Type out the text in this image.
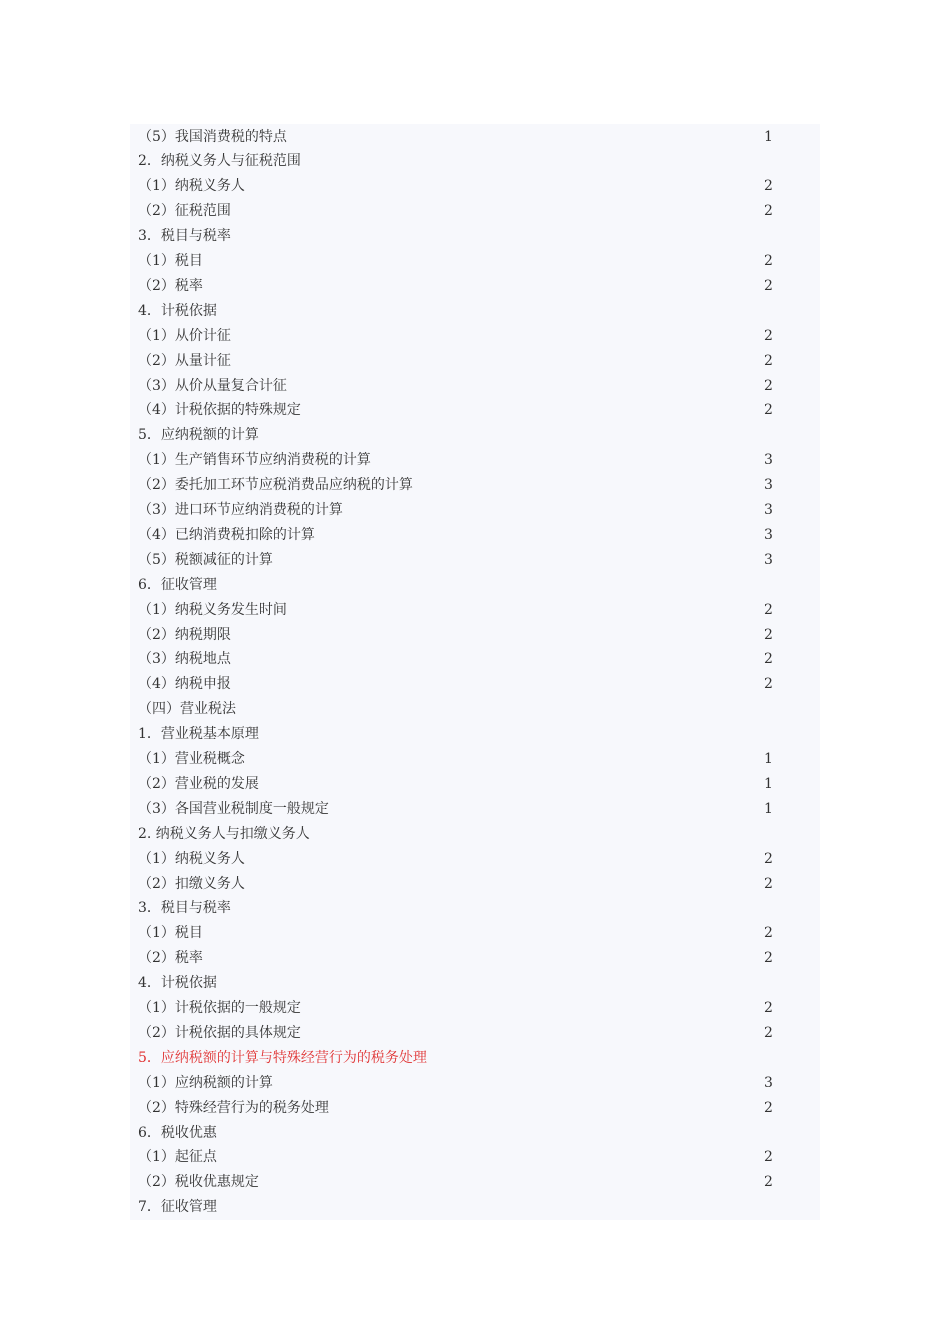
（5）我国消费税的特点	1
2．纳税义务人与征税范围
（1）纳税义务人	2
（2）征税范围	2
3．税目与税率
（1）税目	2
（2）税率	2
4．计税依据
（1）从价计征	2
（2）从量计征	2
（3）从价从量复合计征	2
（4）计税依据的特殊规定	2
5．应纳税额的计算
（1）生产销售环节应纳消费税的计算	3
（2）委托加工环节应税消费品应纳税的计算	3
（3）进口环节应纳消费税的计算	3
（4）已纳消费税扣除的计算	3
（5）税额减征的计算	3
6．征收管理
（1）纳税义务发生时间	2
（2）纳税期限	2
（3）纳税地点	2
（4）纳税申报	2
（四）营业税法
1．营业税基本原理
（1）营业税概念	1
（2）营业税的发展	1
（3）各国营业税制度一般规定	1
2. 纳税义务人与扣缴义务人
（1）纳税义务人	2
（2）扣缴义务人	2
3．税目与税率
（1）税目	2
（2）税率	2
4．计税依据
（1）计税依据的一般规定	2
（2）计税依据的具体规定	2
5．应纳税额的计算与特殊经营行为的税务处理
（1）应纳税额的计算	3
（2）特殊经营行为的税务处理	2
6．税收优惠
（1）起征点	2
（2）税收优惠规定	2
7．征收管理
